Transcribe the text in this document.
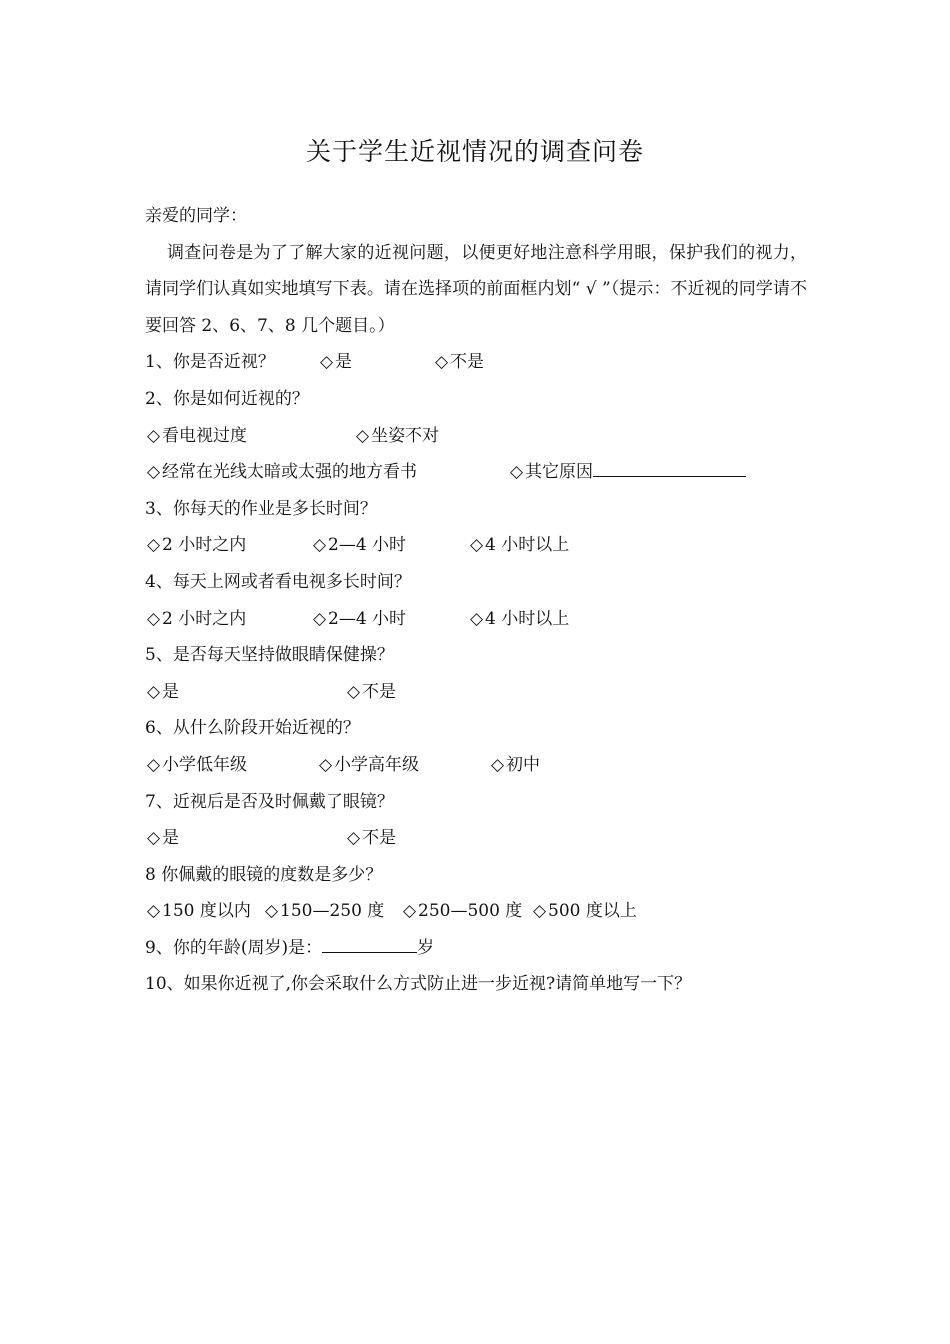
关于学生近视情况的调查问卷
亲爱的同学：
调查问卷是为了了解大家的近视问题，以便更好地注意科学用眼，保护我们的视力，请同学们认真如实地填写下表。请在选择项的前面框内划“ √ ”（提示：不近视的同学请不要回答 2、6、7、8 几个题目。）
1、你是否近视？	◇ 是	◇ 不是
2、你是如何近视的？
◇ 看电视过度	◇ 坐姿不对
◇ 经常在光线太暗或太强的地方看书	◇ 其它原因
3、你每天的作业是多长时间？
◇ 2 小时之内	◇ 2—4 小时	◇ 4 小时以上
4、每天上网或者看电视多长时间？
◇ 2 小时之内	◇ 2—4 小时	◇ 4 小时以上
5、是否每天坚持做眼睛保健操？
◇ 是	◇ 不是
6、从什么阶段开始近视的？
◇ 小学低年级	◇ 小学高年级	◇ 初中
7、近视后是否及时佩戴了眼镜？
◇ 是	◇ 不是
8 你佩戴的眼镜的度数是多少？
◇ 150 度以内 ◇ 150—250 度	◇ 250—500 度 ◇ 500 度以上
9、你的年龄(周岁)是：	岁
10、如果你近视了,你会采取什么方式防止进一步近视?请简单地写一下？
